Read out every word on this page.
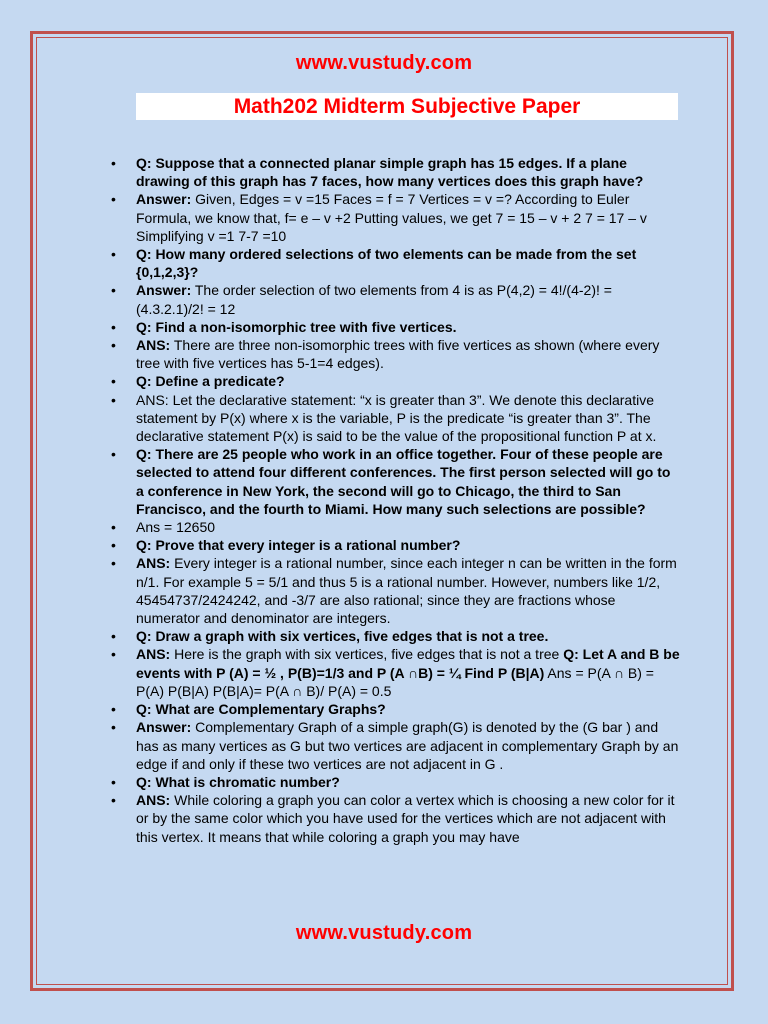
www.vustudy.com
Math202 Midterm Subjective Paper
• Q: Suppose that a connected planar simple graph has 15 edges. If a plane drawing of this graph has 7 faces, how many vertices does this graph have?
• Answer: Given, Edges = v =15 Faces = f = 7 Vertices = v =? According to Euler Formula, we know that, f= e – v +2 Putting values, we get 7 = 15 – v + 2 7 = 17 – v Simplifying v =1 7-7 =10
• Q: How many ordered selections of two elements can be made from the set {0,1,2,3}?
• Answer: The order selection of two elements from 4 is as P(4,2) = 4!/(4-2)! = (4.3.2.1)/2! = 12
• Q: Find a non-isomorphic tree with five vertices.
• ANS: There are three non-isomorphic trees with five vertices as shown (where every tree with five vertices has 5-1=4 edges).
• Q: Define a predicate?
• ANS: Let the declarative statement: “x is greater than 3”. We denote this declarative statement by P(x) where x is the variable, P is the predicate “is greater than 3”. The declarative statement P(x) is said to be the value of the propositional function P at x.
• Q: There are 25 people who work in an office together. Four of these people are selected to attend four different conferences. The first person selected will go to a conference in New York, the second will go to Chicago, the third to San Francisco, and the fourth to Miami. How many such selections are possible?
• Ans = 12650
• Q: Prove that every integer is a rational number?
• ANS: Every integer is a rational number, since each integer n can be written in the form n/1. For example 5 = 5/1 and thus 5 is a rational number. However, numbers like 1/2, 45454737/2424242, and -3/7 are also rational; since they are fractions whose numerator and denominator are integers.
• Q: Draw a graph with six vertices, five edges that is not a tree.
• ANS: Here is the graph with six vertices, five edges that is not a tree Q: Let A and B be events with P (A) = ½ , P(B)=1/3 and P (A ∩B) = ¼ Find P (B|A) Ans = P(A ∩ B) = P(A) P(B|A) P(B|A)= P(A ∩ B)/ P(A) = 0.5
• Q: What are Complementary Graphs?
• Answer: Complementary Graph of a simple graph(G) is denoted by the (G bar ) and has as many vertices as G but two vertices are adjacent in complementary Graph by an edge if and only if these two vertices are not adjacent in G .
• Q: What is chromatic number?
• ANS: While coloring a graph you can color a vertex which is choosing a new color for it or by the same color which you have used for the vertices which are not adjacent with this vertex. It means that while coloring a graph you may have
www.vustudy.com
